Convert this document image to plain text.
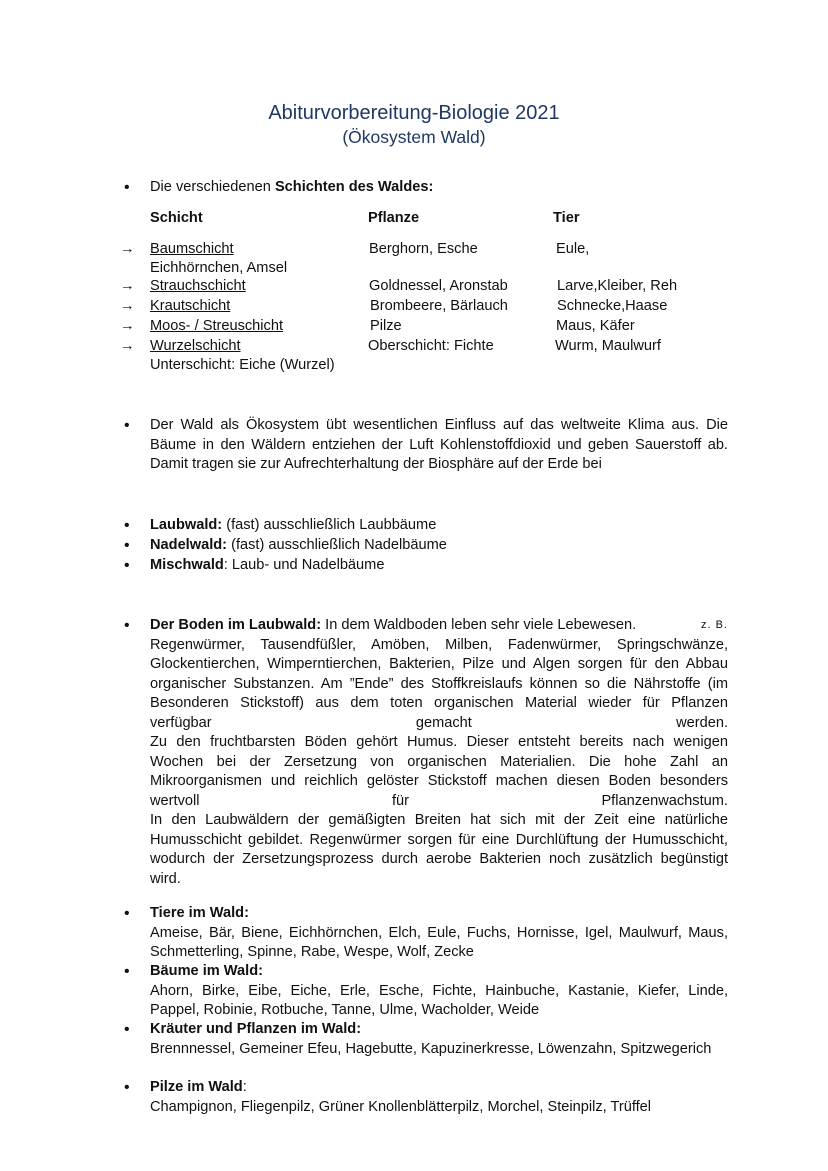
Abiturvorbereitung-Biologie 2021
(Ökosystem Wald)
•
Die verschiedenen Schichten des Waldes:
Schicht	Pflanze	Tier
→ Baumschicht	Berghorn, Esche	Eule,
Eichhörnchen, Amsel
→ Strauchschicht	Goldnessel, Aronstab	Larve,Kleiber, Reh
→ Krautschicht	Brombeere, Bärlauch	Schnecke,Haase
→ Moos- / Streuschicht	Pilze	Maus, Käfer
→ Wurzelschicht	Oberschicht: Fichte	Wurm, Maulwurf
Unterschicht: Eiche (Wurzel)
•
Der Wald als Ökosystem übt wesentlichen Einfluss auf das weltweite Klima aus. Die Bäume in den Wäldern entziehen der Luft Kohlenstoffdioxid und geben Sauerstoff ab. Damit tragen sie zur Aufrechterhaltung der Biosphäre auf der Erde bei
•
Laubwald: (fast) ausschließlich Laubbäume
•
Nadelwald: (fast) ausschließlich Nadelbäume
•
Mischwald: Laub- und Nadelbäume
•
Der Boden im Laubwald: In dem Waldboden leben sehr viele Lebewesen.	z. B.
Regenwürmer, Tausendfüßler, Amöben, Milben, Fadenwürmer, Springschwänze, Glockentierchen, Wimperntierchen, Bakterien, Pilze und Algen sorgen für den Abbau organischer Substanzen. Am ”Ende” des Stoffkreislaufs können so die Nährstoffe (im Besonderen Stickstoff) aus dem toten organischen Material wieder für Pflanzen
verfügbar	gemacht	werden.
Zu den fruchtbarsten Böden gehört Humus. Dieser entsteht bereits nach wenigen Wochen bei der Zersetzung von organischen Materialien. Die hohe Zahl an Mikroorganismen und reichlich gelöster Stickstoff machen diesen Boden besonders
wertvoll	für	Pflanzenwachstum.
In den Laubwäldern der gemäßigten Breiten hat sich mit der Zeit eine natürliche Humusschicht gebildet. Regenwürmer sorgen für eine Durchlüftung der Humusschicht, wodurch der Zersetzungsprozess durch aerobe Bakterien noch zusätzlich begünstigt wird.
•
Tiere im Wald:
Ameise, Bär, Biene, Eichhörnchen, Elch, Eule, Fuchs, Hornisse, Igel, Maulwurf, Maus, Schmetterling, Spinne, Rabe, Wespe, Wolf, Zecke
•
Bäume im Wald:
Ahorn, Birke, Eibe, Eiche, Erle, Esche, Fichte, Hainbuche, Kastanie, Kiefer, Linde, Pappel, Robinie, Rotbuche, Tanne, Ulme, Wacholder, Weide
•
Kräuter und Pflanzen im Wald:
Brennnessel, Gemeiner Efeu, Hagebutte, Kapuzinerkresse, Löwenzahn, Spitzwegerich
•
Pilze im Wald:
Champignon, Fliegenpilz, Grüner Knollenblätterpilz, Morchel, Steinpilz, Trüffel
